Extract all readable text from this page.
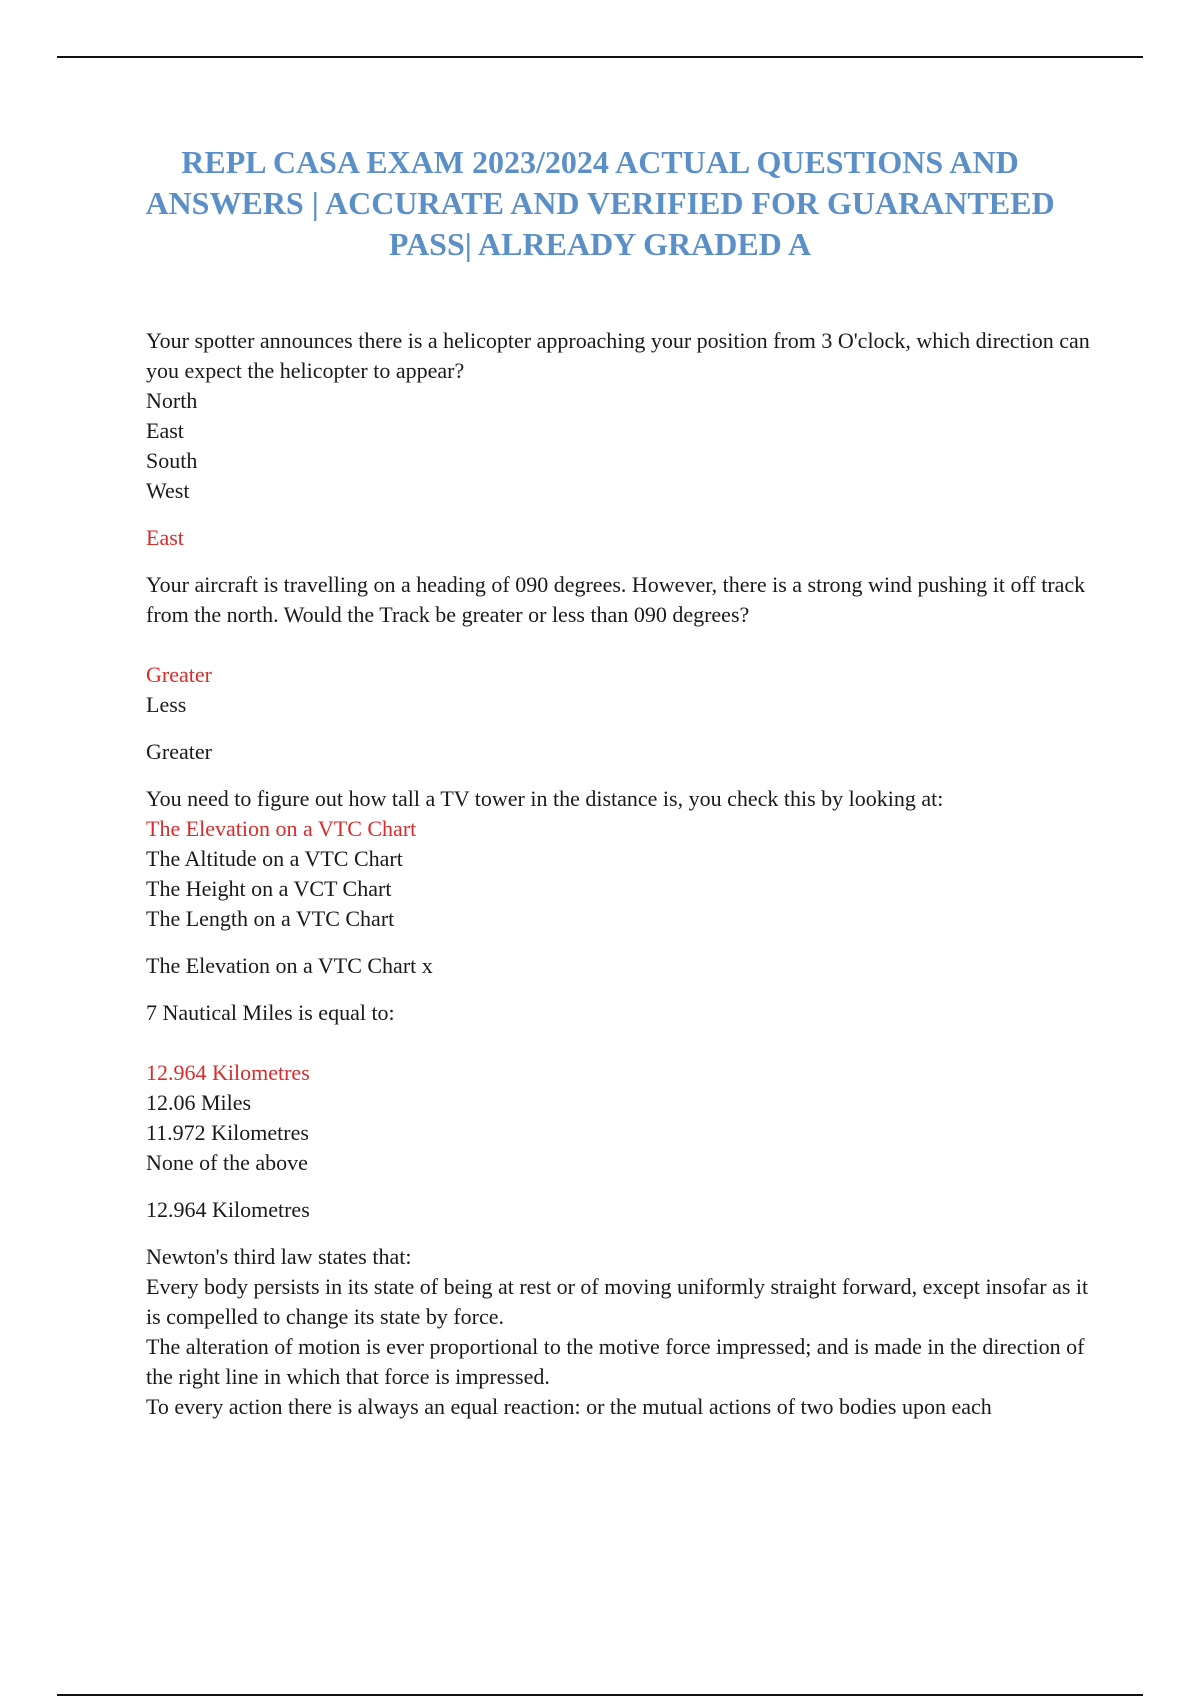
REPL CASA EXAM 2023/2024 ACTUAL QUESTIONS AND
ANSWERS | ACCURATE AND VERIFIED FOR GUARANTEED
PASS| ALREADY GRADED A
Your spotter announces there is a helicopter approaching your position from 3 O'clock, which direction can you expect the helicopter to appear?
North
East
South
West
East
Your aircraft is travelling on a heading of 090 degrees. However, there is a strong wind pushing it off track from the north. Would the Track be greater or less than 090 degrees?
Greater
Less
Greater
You need to figure out how tall a TV tower in the distance is, you check this by looking at:
The Elevation on a VTC Chart
The Altitude on a VTC Chart
The Height on a VCT Chart
The Length on a VTC Chart
The Elevation on a VTC Chart x
7 Nautical Miles is equal to:
12.964 Kilometres
12.06 Miles
11.972 Kilometres
None of the above
12.964 Kilometres
Newton's third law states that:
Every body persists in its state of being at rest or of moving uniformly straight forward, except insofar as it is compelled to change its state by force.
The alteration of motion is ever proportional to the motive force impressed; and is made in the direction of the right line in which that force is impressed.
To every action there is always an equal reaction: or the mutual actions of two bodies upon each
